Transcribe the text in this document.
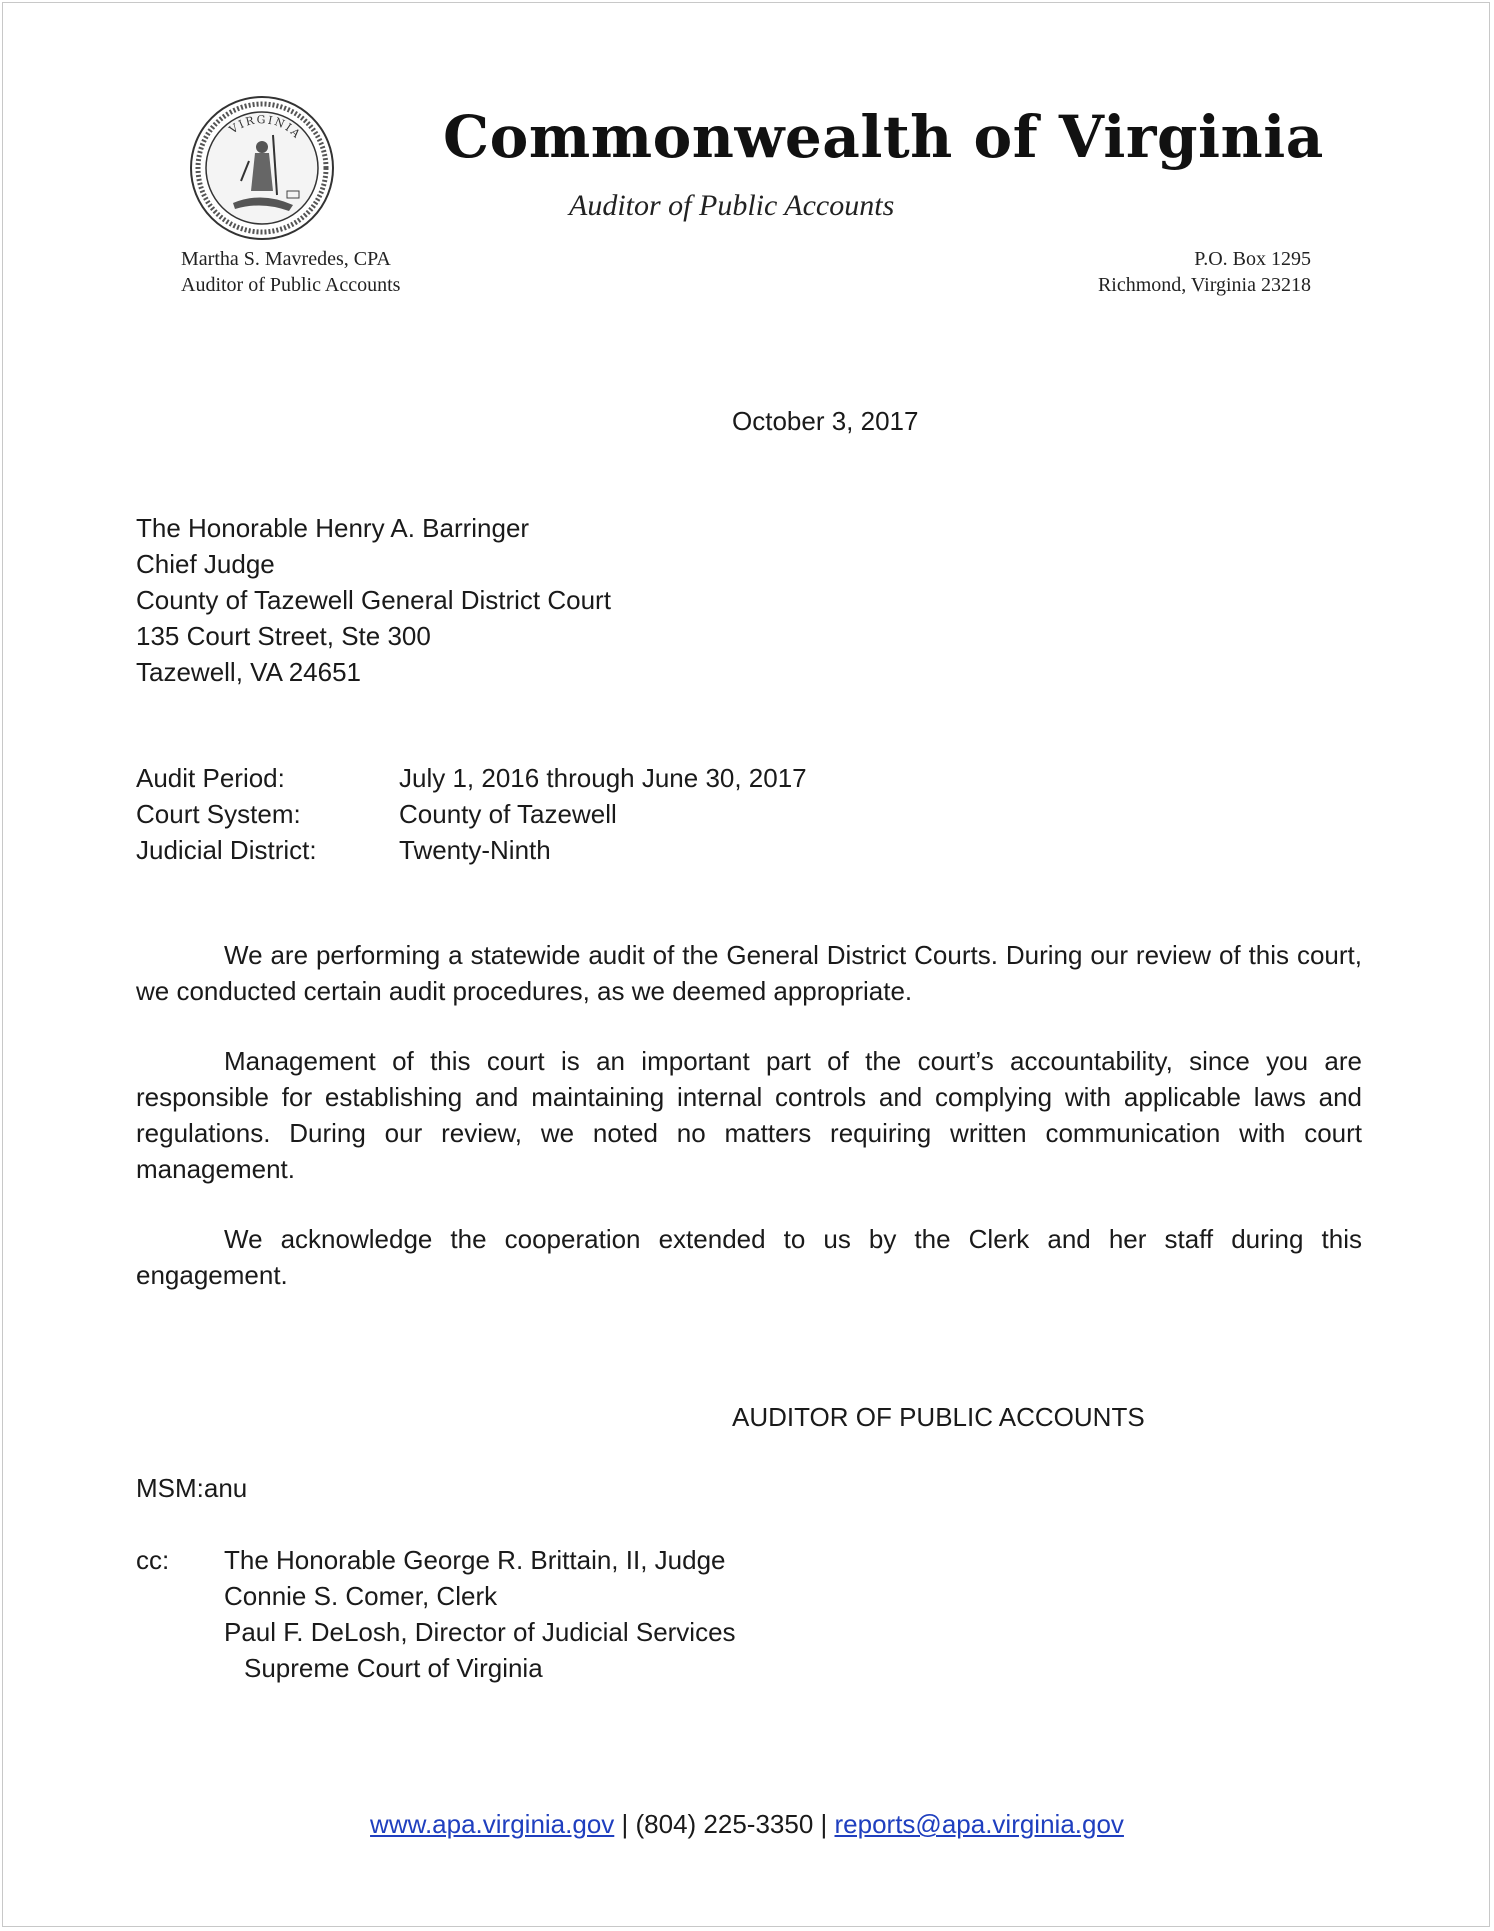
VIRGINIA Commonwealth of Virginia
Auditor of Public Accounts
Martha S. Mavredes, CPA
Auditor of Public Accounts
P.O. Box 1295
Richmond, Virginia 23218
October 3, 2017
The Honorable Henry A. Barringer
Chief Judge
County of Tazewell General District Court
135 Court Street, Ste 300
Tazewell, VA 24651
Audit Period:	July 1, 2016 through June 30, 2017
Court System:	County of Tazewell
Judicial District:	Twenty-Ninth
We are performing a statewide audit of the General District Courts. During our review of this court, we conducted certain audit procedures, as we deemed appropriate.
Management of this court is an important part of the court’s accountability, since you are responsible for establishing and maintaining internal controls and complying with applicable laws and regulations. During our review, we noted no matters requiring written communication with court management.
We acknowledge the cooperation extended to us by the Clerk and her staff during this engagement.
AUDITOR OF PUBLIC ACCOUNTS
MSM:anu
cc: The Honorable George R. Brittain, II, Judge
Connie S. Comer, Clerk
Paul F. DeLosh, Director of Judicial Services
Supreme Court of Virginia
www.apa.virginia.gov | (804) 225-3350 | reports@apa.virginia.gov
